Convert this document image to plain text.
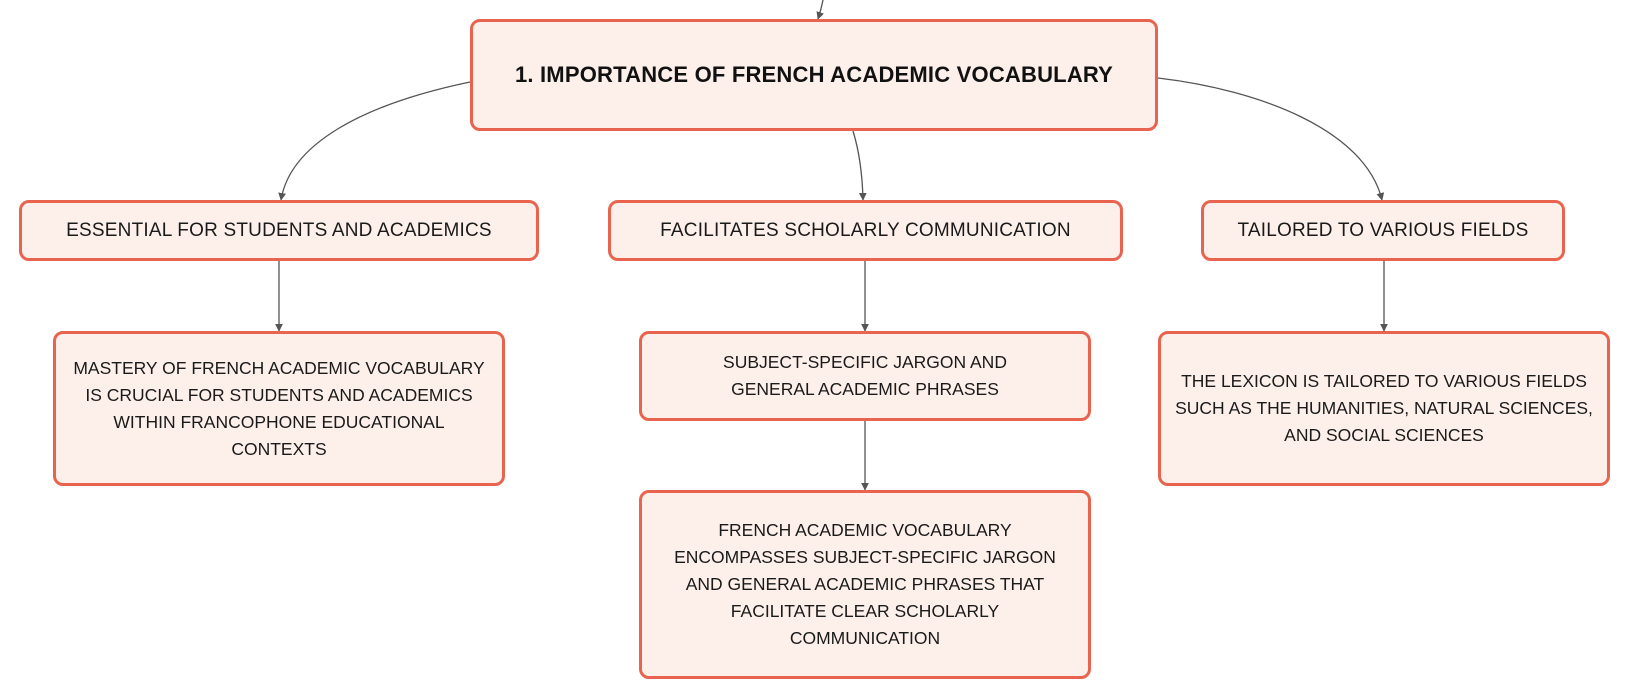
1. IMPORTANCE OF FRENCH ACADEMIC VOCABULARY
ESSENTIAL FOR STUDENTS AND ACADEMICS
MASTERY OF FRENCH ACADEMIC VOCABULARY IS CRUCIAL FOR STUDENTS AND ACADEMICS WITHIN FRANCOPHONE EDUCATIONAL CONTEXTS
FACILITATES SCHOLARLY COMMUNICATION
SUBJECT-SPECIFIC JARGON AND GENERAL ACADEMIC PHRASES
FRENCH ACADEMIC VOCABULARY ENCOMPASSES SUBJECT-SPECIFIC JARGON AND GENERAL ACADEMIC PHRASES THAT FACILITATE CLEAR SCHOLARLY COMMUNICATION
TAILORED TO VARIOUS FIELDS
THE LEXICON IS TAILORED TO VARIOUS FIELDS SUCH AS THE HUMANITIES, NATURAL SCIENCES, AND SOCIAL SCIENCES
